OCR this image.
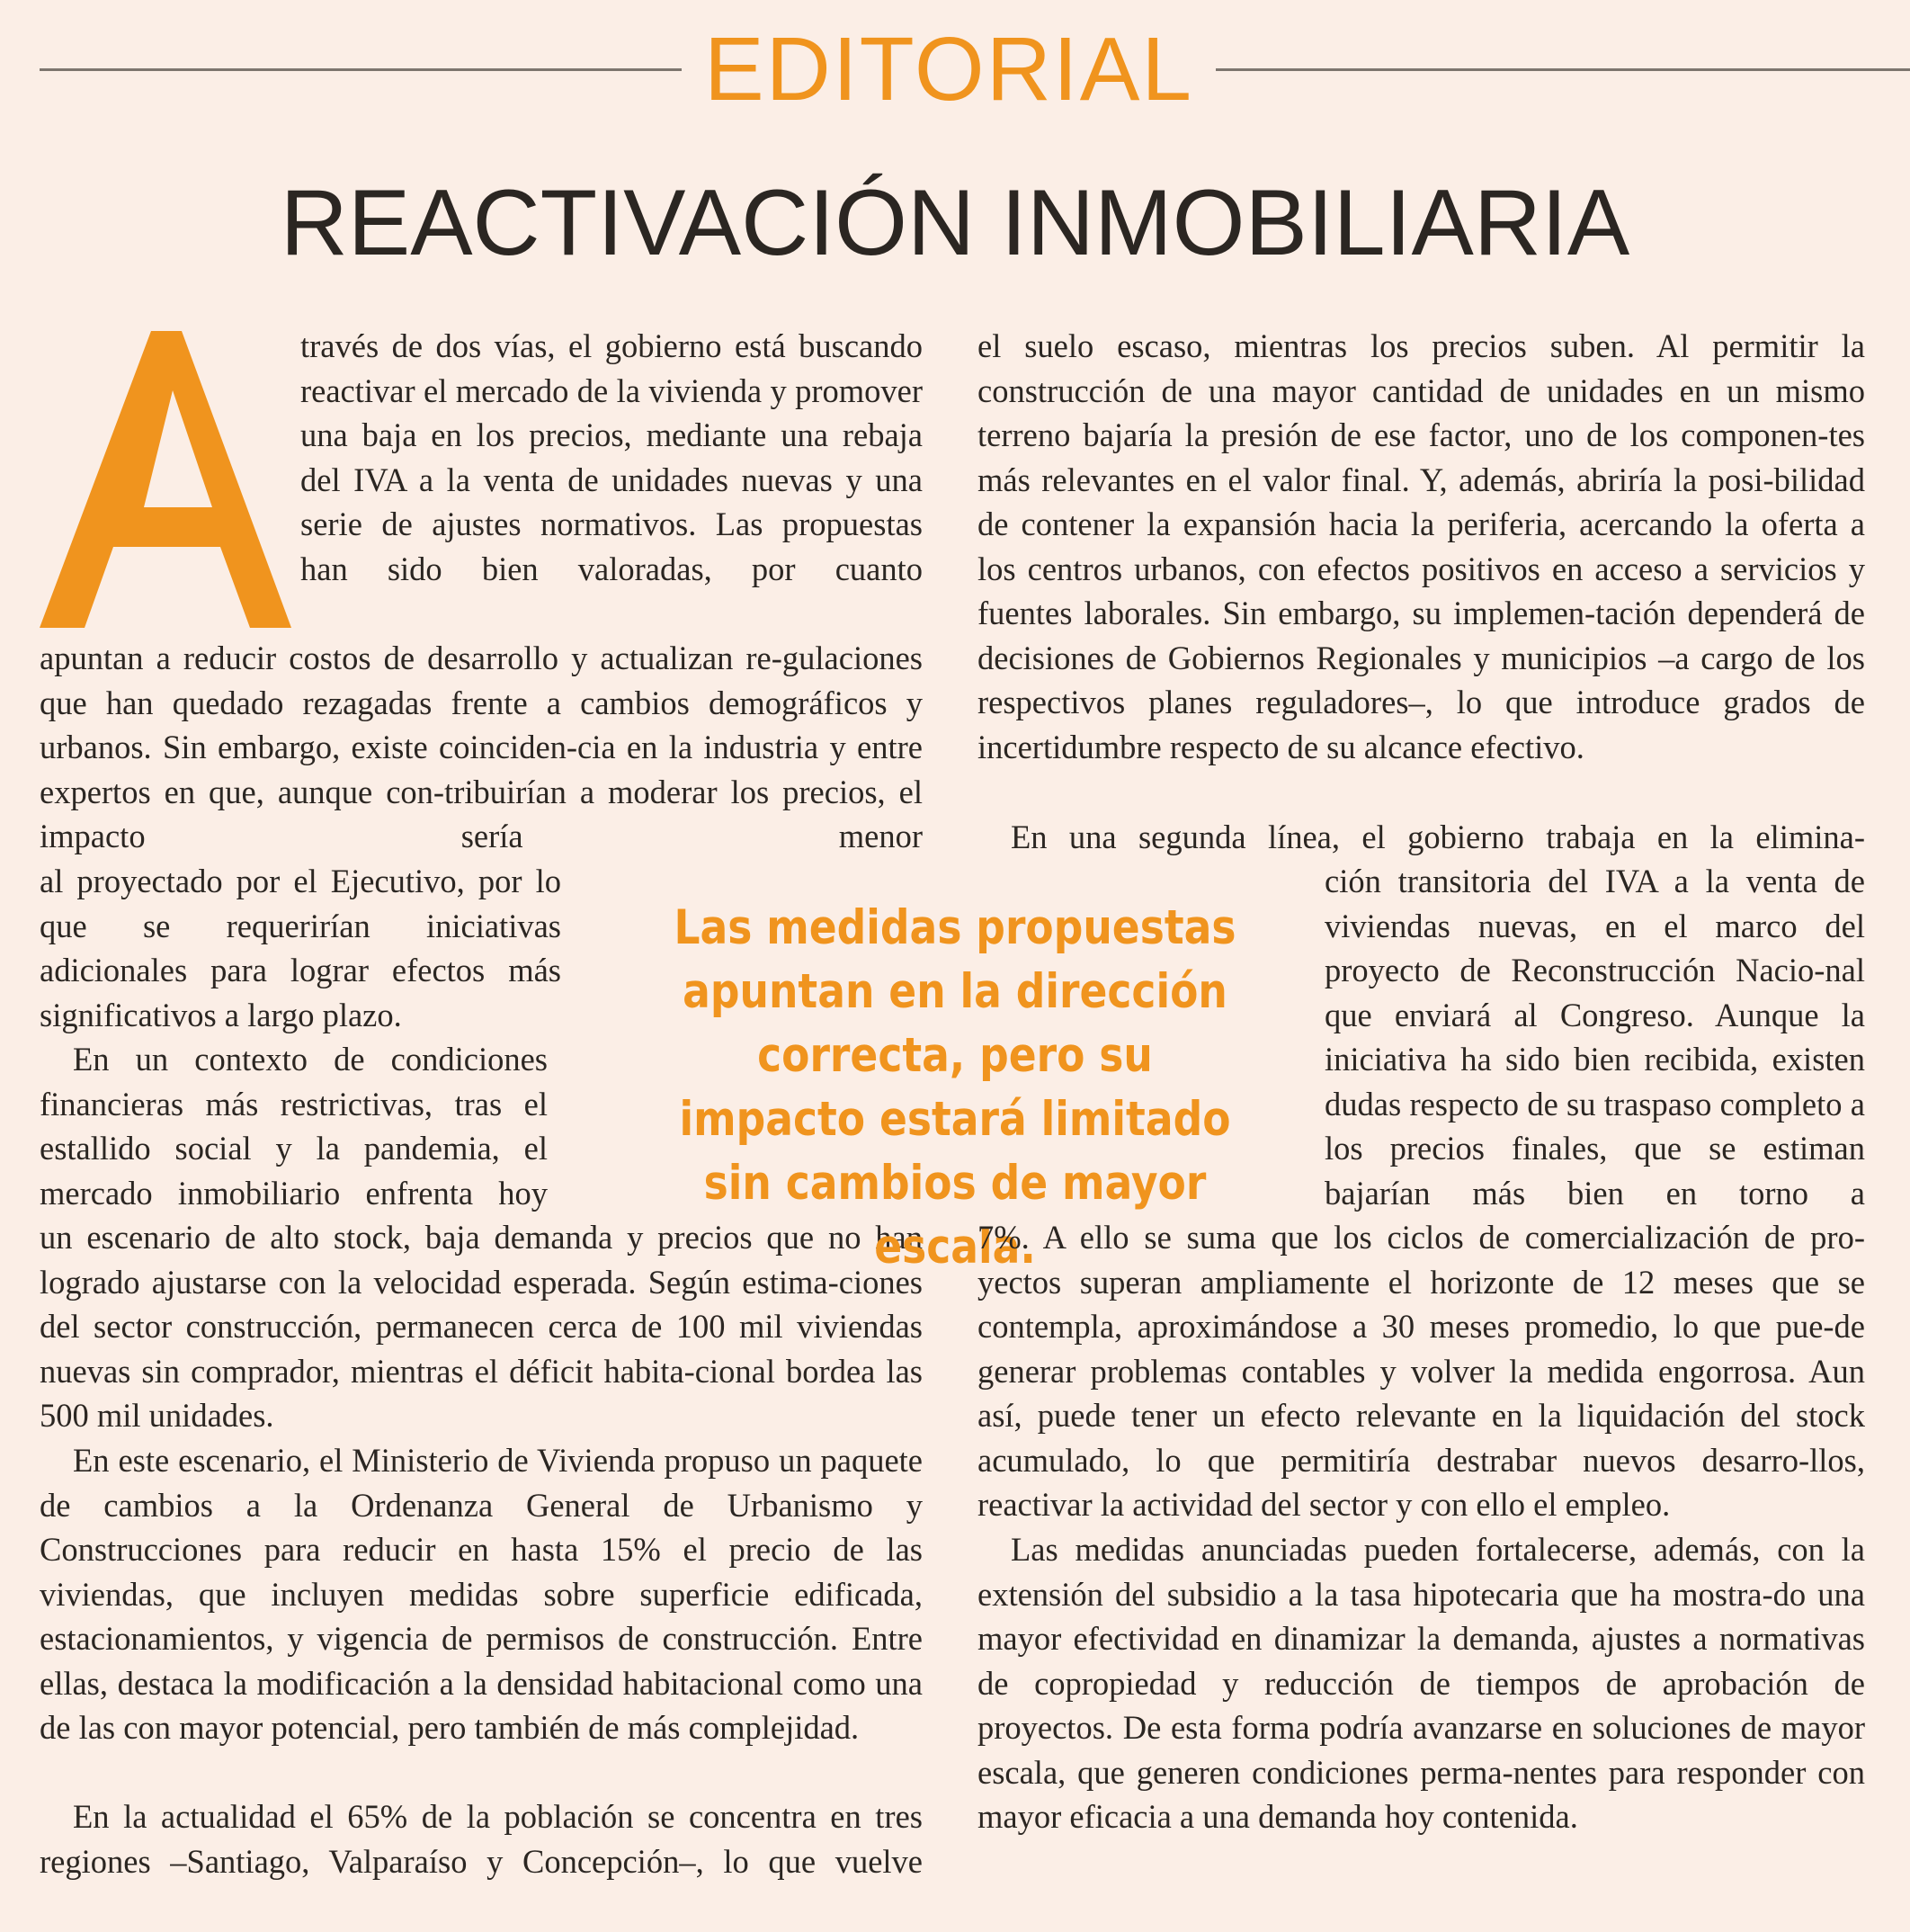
EDITORIAL
REACTIVACIÓN INMOBILIARIA
A
través de dos vías, el gobierno está buscando reactivar el mercado de la vivienda y promover una baja en los precios, mediante una rebaja del IVA a la venta de unidades nuevas y una serie de ajustes normativos. Las propuestas han sido bien valoradas, por cuanto
apuntan a reducir costos de desarrollo y actualizan re-gulaciones que han quedado rezagadas frente a cambios demográficos y urbanos. Sin embargo, existe coinciden-cia en la industria y entre expertos en que, aunque con-tribuirían a moderar los precios, el impacto sería menor
al proyectado por el Ejecutivo, por lo que se requerirían iniciativas adicionales para lograr efectos más significativos a largo plazo.
En un contexto de condiciones financieras más restrictivas, tras el estallido social y la pandemia, el mercado inmobiliario enfrenta hoy
un escenario de alto stock, baja demanda y precios que no han logrado ajustarse con la velocidad esperada. Según estima-ciones del sector construcción, permanecen cerca de 100 mil viviendas nuevas sin comprador, mientras el déficit habita-cional bordea las 500 mil unidades.
En este escenario, el Ministerio de Vivienda propuso un paquete de cambios a la Ordenanza General de Urbanismo y Construcciones para reducir en hasta 15% el precio de las viviendas, que incluyen medidas sobre superficie edificada, estacionamientos, y vigencia de permisos de construcción. Entre ellas, destaca la modificación a la densidad habitacional como una de las con mayor potencial, pero también de más complejidad.
En la actualidad el 65% de la población se concentra en tres regiones –Santiago, Valparaíso y Concepción–, lo que vuelve
Las medidas propuestas apuntan en la dirección correcta, pero su impacto estará limitado sin cambios de mayor escala.
el suelo escaso, mientras los precios suben. Al permitir la construcción de una mayor cantidad de unidades en un mismo terreno bajaría la presión de ese factor, uno de los componen-tes más relevantes en el valor final. Y, además, abriría la posi-bilidad de contener la expansión hacia la periferia, acercando la oferta a los centros urbanos, con efectos positivos en acceso a servicios y fuentes laborales. Sin embargo, su implemen-tación dependerá de decisiones de Gobiernos Regionales y municipios –a cargo de los respectivos planes reguladores–, lo que introduce grados de incertidumbre respecto de su alcance efectivo.
En una segunda línea, el gobierno trabaja en la elimina-
ción transitoria del IVA a la venta de viviendas nuevas, en el marco del proyecto de Reconstrucción Nacio-nal que enviará al Congreso. Aunque la iniciativa ha sido bien recibida, existen dudas respecto de su traspaso completo a los precios finales, que se estiman bajarían más bien en torno a
7%. A ello se suma que los ciclos de comercialización de pro-yectos superan ampliamente el horizonte de 12 meses que se contempla, aproximándose a 30 meses promedio, lo que pue-de generar problemas contables y volver la medida engorrosa. Aun así, puede tener un efecto relevante en la liquidación del stock acumulado, lo que permitiría destrabar nuevos desarro-llos, reactivar la actividad del sector y con ello el empleo.
Las medidas anunciadas pueden fortalecerse, además, con la extensión del subsidio a la tasa hipotecaria que ha mostra-do una mayor efectividad en dinamizar la demanda, ajustes a normativas de copropiedad y reducción de tiempos de aprobación de proyectos. De esta forma podría avanzarse en soluciones de mayor escala, que generen condiciones perma-nentes para responder con mayor eficacia a una demanda hoy contenida.
